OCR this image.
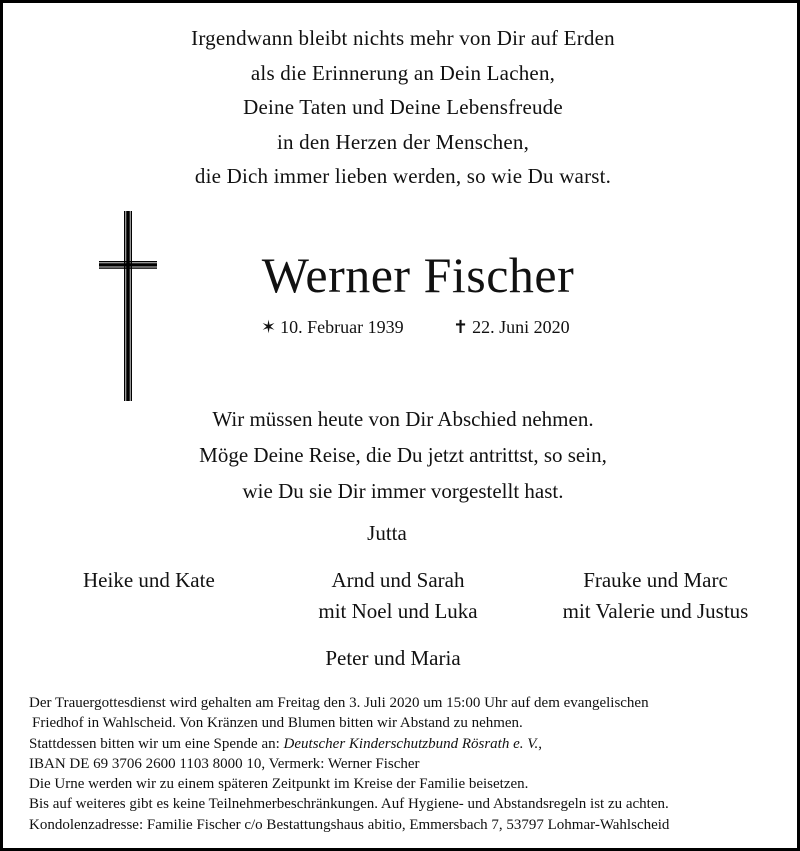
Irgendwann bleibt nichts mehr von Dir auf Erden
als die Erinnerung an Dein Lachen,
Deine Taten und Deine Lebensfreude
in den Herzen der Menschen,
die Dich immer lieben werden, so wie Du warst.
Werner Fischer
✶ 10. Februar 1939	✝ 22. Juni 2020
Wir müssen heute von Dir Abschied nehmen.
Möge Deine Reise, die Du jetzt antrittst, so sein,
wie Du sie Dir immer vorgestellt hast.
Jutta
Heike und Kate	Arnd und Sarah
mit Noel und Luka
Frauke und Marc
mit Valerie und Justus
Peter und Maria
Der Trauergottesdienst wird gehalten am Freitag den 3. Juli 2020 um 15:00 Uhr auf dem evangelischen
Friedhof in Wahlscheid. Von Kränzen und Blumen bitten wir Abstand zu nehmen.
Stattdessen bitten wir um eine Spende an: Deutscher Kinderschutzbund Rösrath e. V.,
IBAN DE 69 3706 2600 1103 8000 10, Vermerk: Werner Fischer
Die Urne werden wir zu einem späteren Zeitpunkt im Kreise der Familie beisetzen.
Bis auf weiteres gibt es keine Teilnehmerbeschränkungen. Auf Hygiene- und Abstandsregeln ist zu achten.
Kondolenzadresse: Familie Fischer c/o Bestattungshaus abitio, Emmersbach 7, 53797 Lohmar-Wahlscheid
